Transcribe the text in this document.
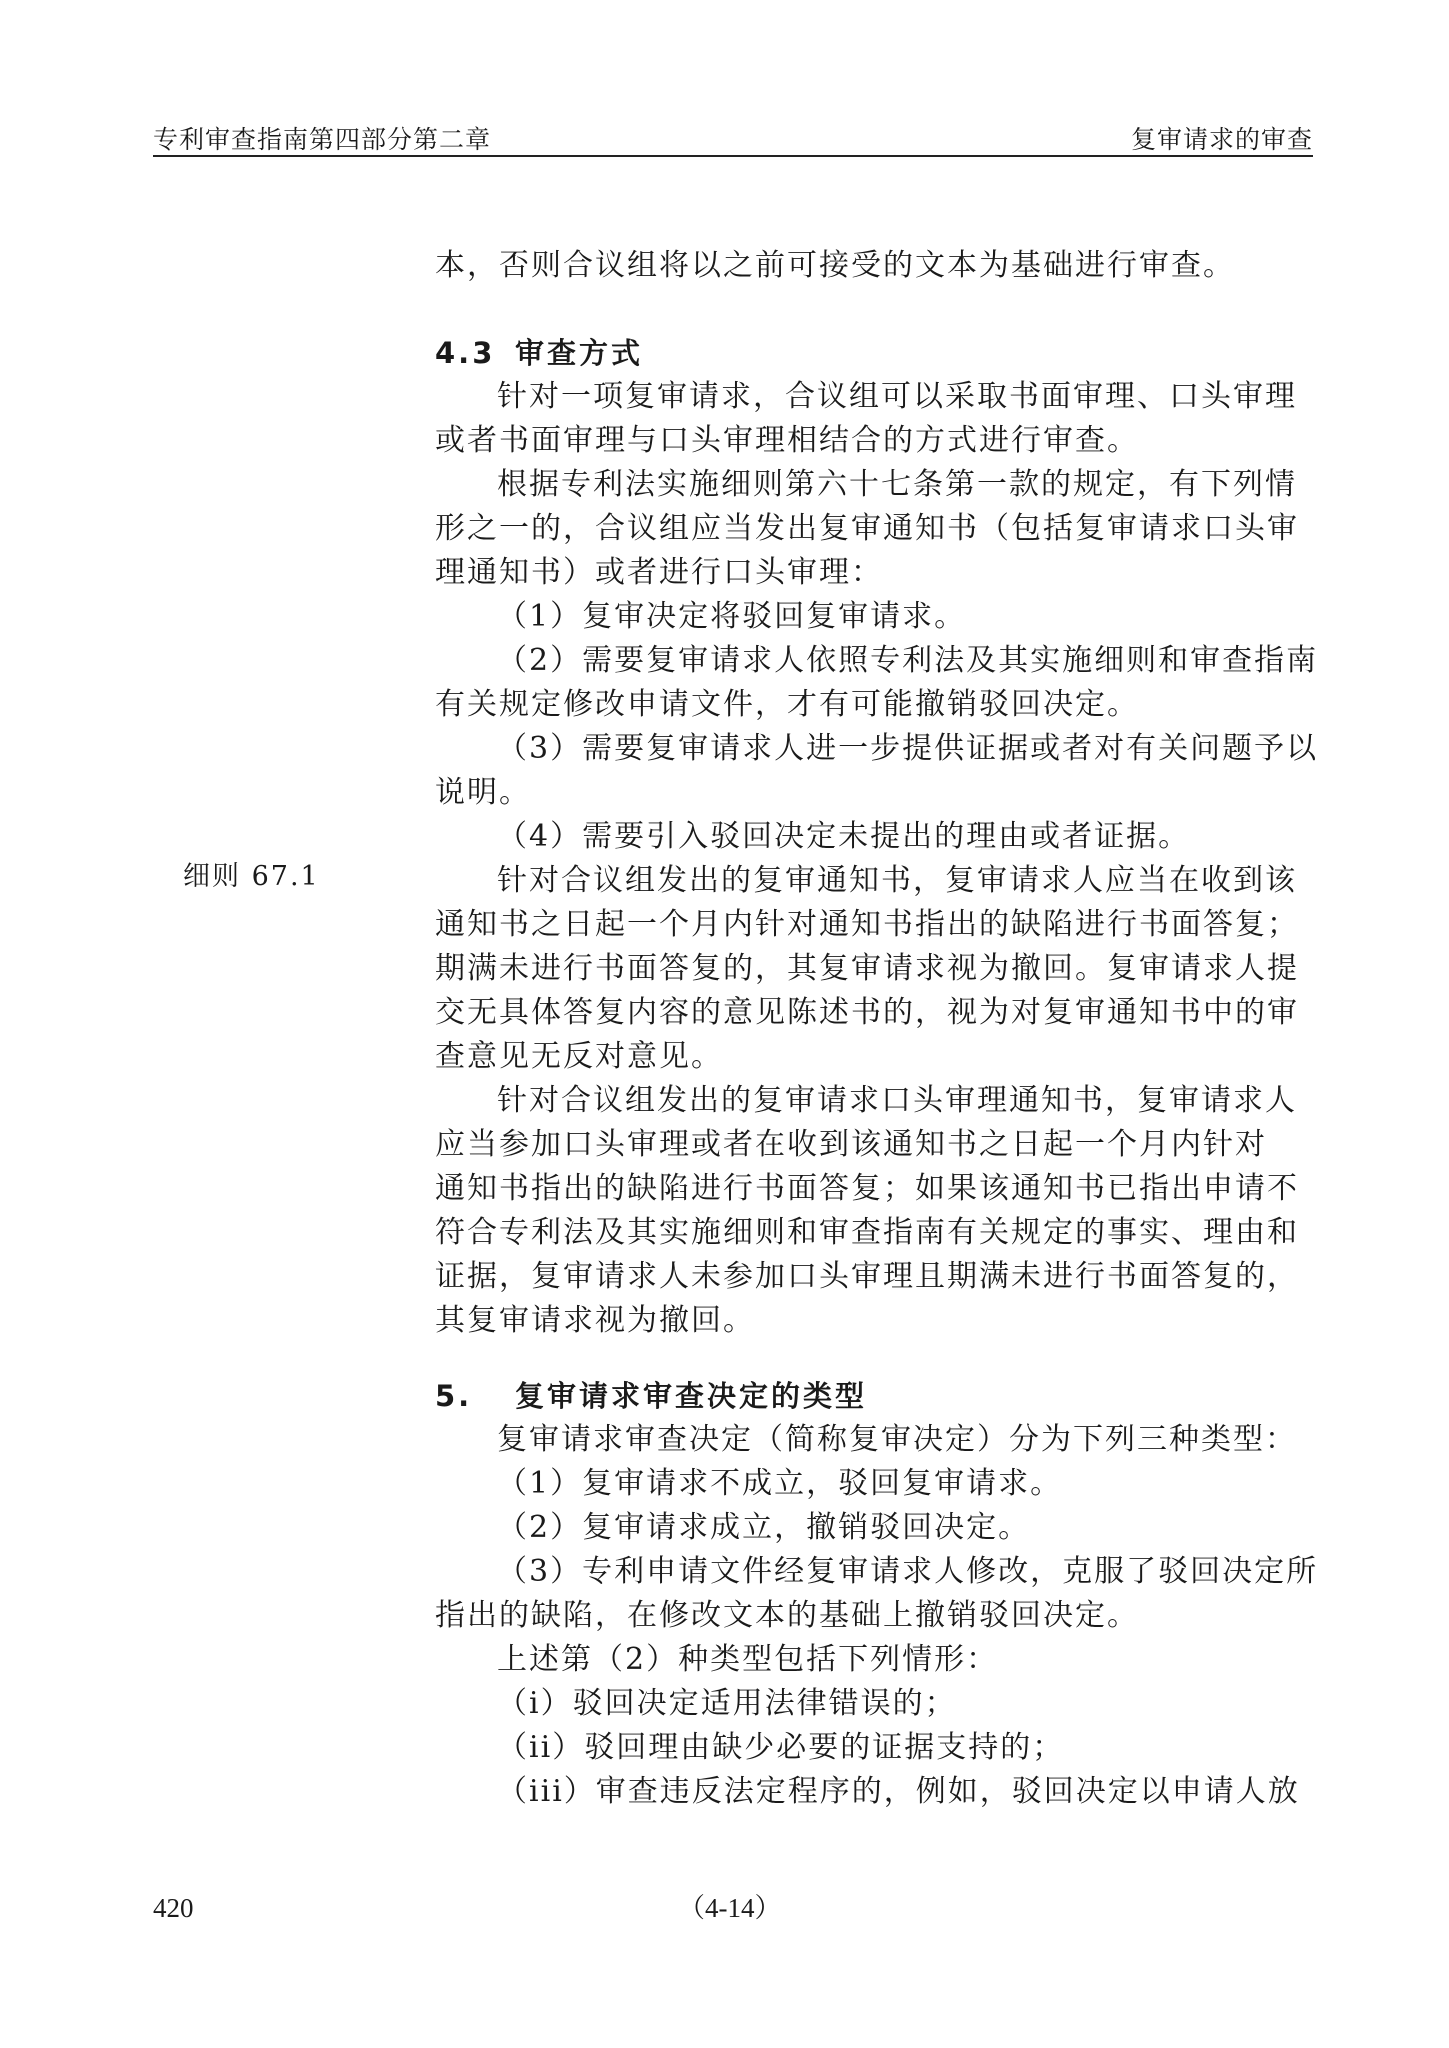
专利审查指南第四部分第二章	复审请求的审查
本，否则合议组将以之前可接受的文本为基础进行审查。
4.3 审查方式
针对一项复审请求，合议组可以采取书面审理、口头审理
或者书面审理与口头审理相结合的方式进行审查。
根据专利法实施细则第六十七条第一款的规定，有下列情
形之一的，合议组应当发出复审通知书（包括复审请求口头审
理通知书）或者进行口头审理：
（1）复审决定将驳回复审请求。
（2）需要复审请求人依照专利法及其实施细则和审查指南
有关规定修改申请文件，才有可能撤销驳回决定。
（3）需要复审请求人进一步提供证据或者对有关问题予以
说明。
（4）需要引入驳回决定未提出的理由或者证据。
针对合议组发出的复审通知书，复审请求人应当在收到该
通知书之日起一个月内针对通知书指出的缺陷进行书面答复；
期满未进行书面答复的，其复审请求视为撤回。复审请求人提
交无具体答复内容的意见陈述书的，视为对复审通知书中的审
查意见无反对意见。
针对合议组发出的复审请求口头审理通知书，复审请求人
应当参加口头审理或者在收到该通知书之日起一个月内针对
通知书指出的缺陷进行书面答复；如果该通知书已指出申请不
符合专利法及其实施细则和审查指南有关规定的事实、理由和
证据，复审请求人未参加口头审理且期满未进行书面答复的，
其复审请求视为撤回。
细则 67.1
5. 复审请求审查决定的类型
复审请求审查决定（简称复审决定）分为下列三种类型：
（1）复审请求不成立，驳回复审请求。
（2）复审请求成立，撤销驳回决定。
（3）专利申请文件经复审请求人修改，克服了驳回决定所
指出的缺陷，在修改文本的基础上撤销驳回决定。
上述第（2）种类型包括下列情形：
（i）驳回决定适用法律错误的；
（ii）驳回理由缺少必要的证据支持的；
（iii）审查违反法定程序的，例如，驳回决定以申请人放
420	（4-14）
